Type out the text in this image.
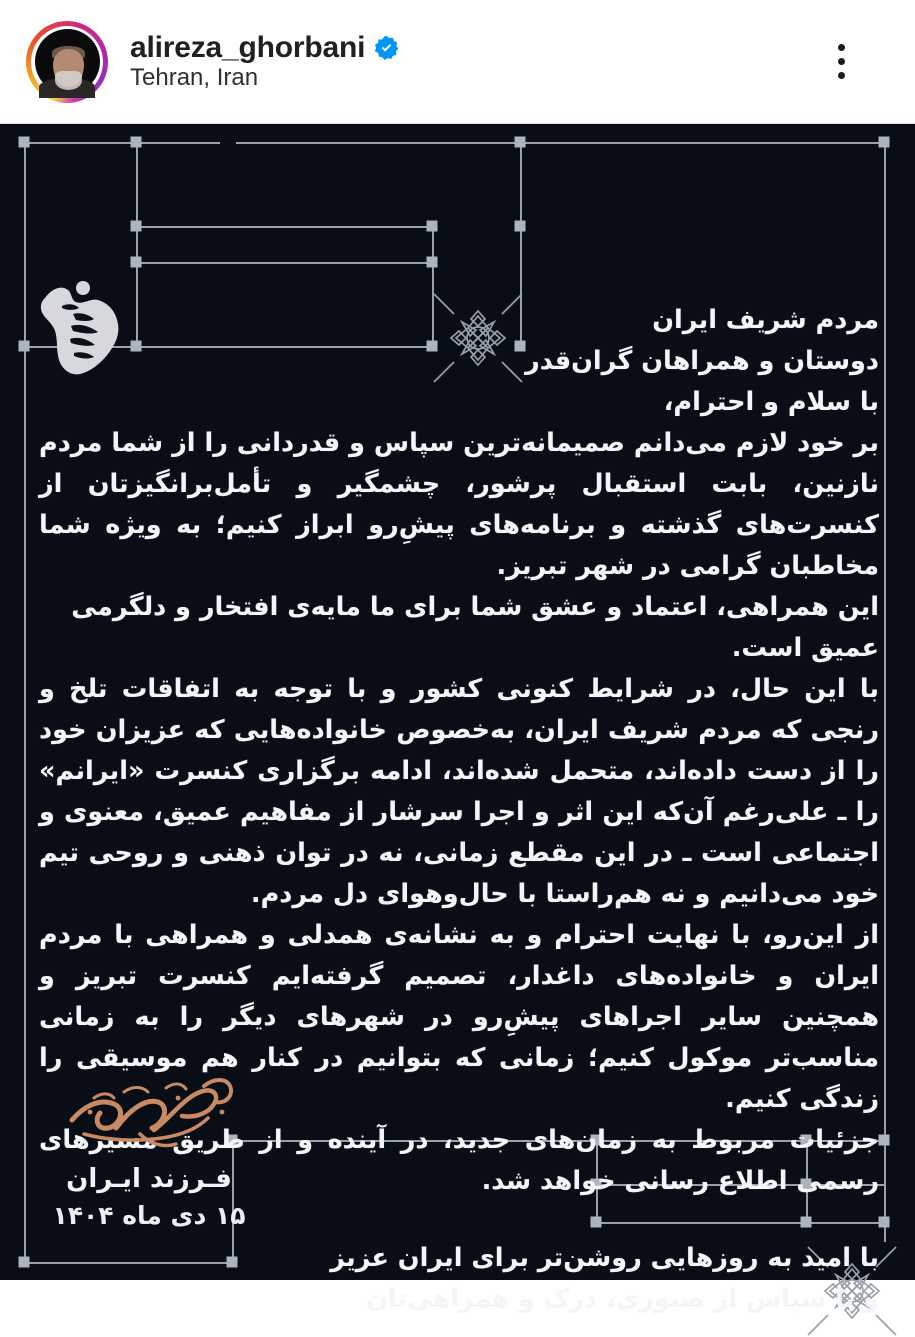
alireza_ghorbani
Tehran, Iran

مردم شریف ایران

دوستان و همراهان گران‌قدر

با سلام و احترام،

بر خود لازم می‌دانم صمیمانه‌ترین سپاس و قدردانی را از شما مردم نازنین، بابت استقبال پرشور، چشمگیر و تأمل‌برانگیزتان از کنسرت‌های گذشته و برنامه‌های پیشِ‌رو ابراز کنیم؛ به ویژه شما مخاطبان گرامی در شهر تبریز.

این همراهی، اعتماد و عشق شما برای ما مایه‌ی افتخار و دلگرمی عمیق است.

با این حال، در شرایط کنونی کشور و با توجه به اتفاقات تلخ و رنجی که مردم شریف ایران، به‌خصوص خانواده‌هایی که عزیزان خود را از دست داده‌اند، متحمل شده‌اند، ادامه برگزاری کنسرت «ایرانم» را ـ علی‌رغم آن‌که این اثر و اجرا سرشار از مفاهیم عمیق، معنوی و اجتماعی است ـ در این مقطع زمانی، نه در توان ذهنی و روحی تیم خود می‌دانیم و نه هم‌راستا با حال‌وهوای دل مردم.

از این‌رو، با نهایت احترام و به نشانه‌ی همدلی و همراهی با مردم ایران و خانواده‌های داغدار، تصمیم گرفته‌ایم کنسرت تبریز و همچنین سایر اجراهای پیشِ‌رو در شهرهای دیگر را به زمانی مناسب‌تر موکول کنیم؛ زمانی که بتوانیم در کنار هم موسیقی را زندگی کنیم.

جزئیات مربوط به زمان‌های جدید، در آینده و از طریق مسیرهای رسمی اطلاع رسانی خواهد شد.

با امید به روزهایی روشن‌تر برای ایران عزیز

و با سپاس از صبوری، درک و همراهی‌تان

فـرزند ایـران
۱۵ دی ماه ۱۴۰۴
